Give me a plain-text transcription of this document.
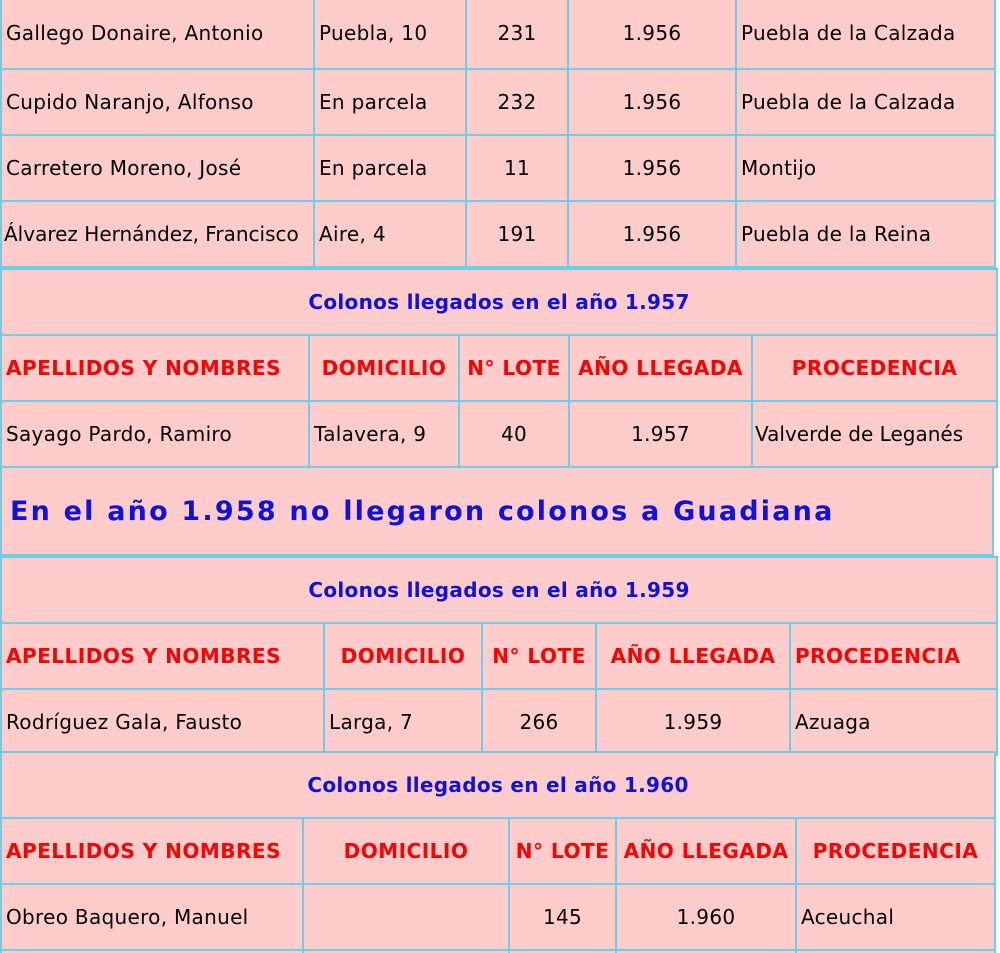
Gallego Donaire, Antonio	Puebla, 10	231	1.956	Puebla de la Calzada
Cupido Naranjo, Alfonso	En parcela	232	1.956	Puebla de la Calzada
Carretero Moreno, José	En parcela	11	1.956	Montijo
Álvarez Hernández, Francisco	Aire, 4	191	1.956	Puebla de la Reina
Colonos llegados en el año 1.957				
APELLIDOS Y NOMBRES	DOMICILIO	N° LOTE	AÑO LLEGADA	PROCEDENCIA
Sayago Pardo, Ramiro	Talavera, 9	40	1.957	Valverde de Leganés
En el año 1.958 no llegaron colonos a Guadiana
Colonos llegados en el año 1.959				
APELLIDOS Y NOMBRES	DOMICILIO	N° LOTE	AÑO LLEGADA	PROCEDENCIA
Rodríguez Gala, Fausto	Larga, 7	266	1.959	Azuaga
Colonos llegados en el año 1.960				
APELLIDOS Y NOMBRES	DOMICILIO	N° LOTE	AÑO LLEGADA	PROCEDENCIA
Obreo Baquero, Manuel		145	1.960	Aceuchal
